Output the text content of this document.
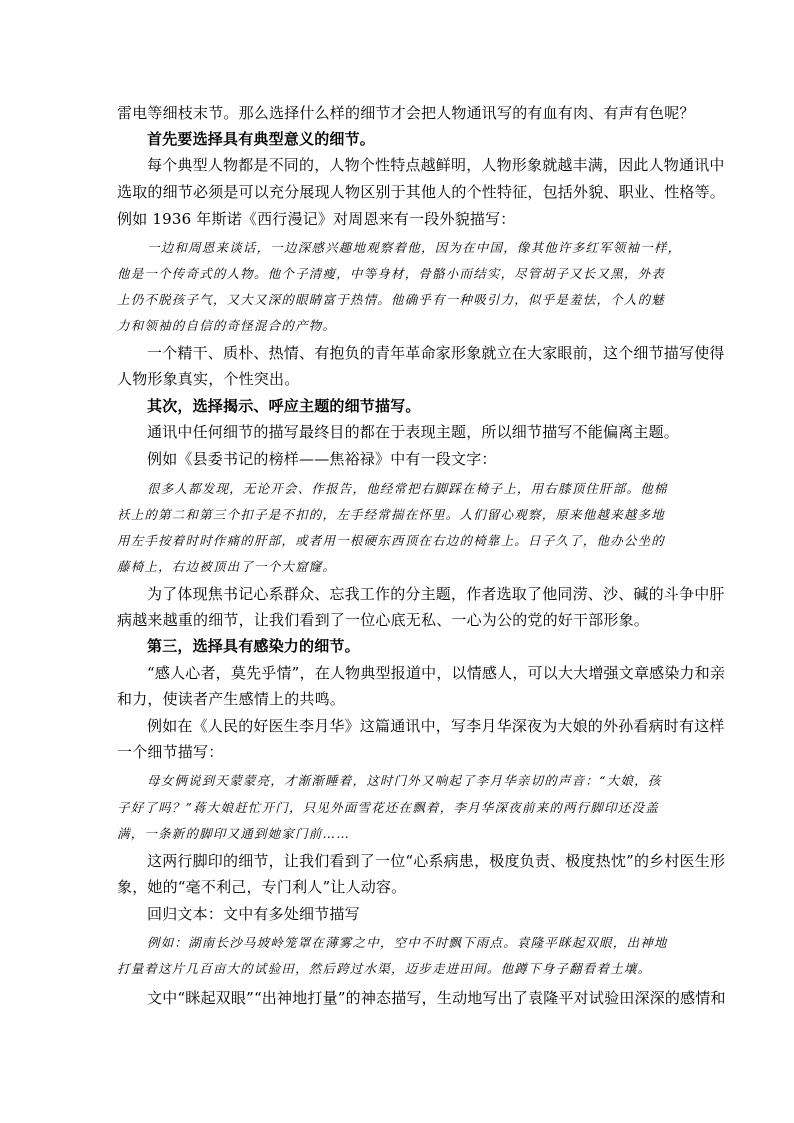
雷电等细枝末节。那么选择什么样的细节才会把人物通讯写的有血有肉、有声有色呢？

首先要选择具有典型意义的细节。

每个典型人物都是不同的，人物个性特点越鲜明，人物形象就越丰满，因此人物通讯中

选取的细节必须是可以充分展现人物区别于其他人的个性特征，包括外貌、职业、性格等。

例如 1936 年斯诺《西行漫记》对周恩来有一段外貌描写：

一边和周恩来谈话，一边深感兴趣地观察着他，因为在中国，像其他许多红军领袖一样，

他是一个传奇式的人物。他个子清瘦，中等身材，骨骼小而结实，尽管胡子又长又黑，外表

上仍不脱孩子气，又大又深的眼睛富于热情。他确乎有一种吸引力，似乎是羞怯，个人的魅

力和领袖的自信的奇怪混合的产物。

一个精干、质朴、热情、有抱负的青年革命家形象就立在大家眼前，这个细节描写使得

人物形象真实，个性突出。

其次，选择揭示、呼应主题的细节描写。

通讯中任何细节的描写最终目的都在于表现主题，所以细节描写不能偏离主题。

例如《县委书记的榜样——焦裕禄》中有一段文字：

很多人都发现，无论开会、作报告，他经常把右脚踩在椅子上，用右膝顶住肝部。他棉

袄上的第二和第三个扣子是不扣的，左手经常揣在怀里。人们留心观察，原来他越来越多地

用左手按着时时作痛的肝部，或者用一根硬东西顶在右边的椅靠上。日子久了，他办公坐的

藤椅上，右边被顶出了一个大窟窿。

为了体现焦书记心系群众、忘我工作的分主题，作者选取了他同涝、沙、碱的斗争中肝

病越来越重的细节，让我们看到了一位心底无私、一心为公的党的好干部形象。

第三，选择具有感染力的细节。

“感人心者，莫先乎情”，在人物典型报道中，以情感人，可以大大增强文章感染力和亲

和力，使读者产生感情上的共鸣。

例如在《人民的好医生李月华》这篇通讯中，写李月华深夜为大娘的外孙看病时有这样

一个细节描写：

母女俩说到天蒙蒙亮，才渐渐睡着，这时门外又响起了李月华亲切的声音：“大娘，孩

子好了吗？”蒋大娘赶忙开门，只见外面雪花还在飘着，李月华深夜前来的两行脚印还没盖

满，一条新的脚印又通到她家门前……

这两行脚印的细节，让我们看到了一位“心系病患，极度负责、极度热忱”的乡村医生形

象，她的“毫不利己，专门利人”让人动容。

回归文本：文中有多处细节描写

例如：湖南长沙马坡岭笼罩在薄雾之中，空中不时飘下雨点。袁隆平眯起双眼，出神地

打量着这片几百亩大的试验田，然后跨过水渠，迈步走进田间。他蹲下身子翻看着土壤。

文中“眯起双眼”“出神地打量”的神态描写，生动地写出了袁隆平对试验田深深的感情和
